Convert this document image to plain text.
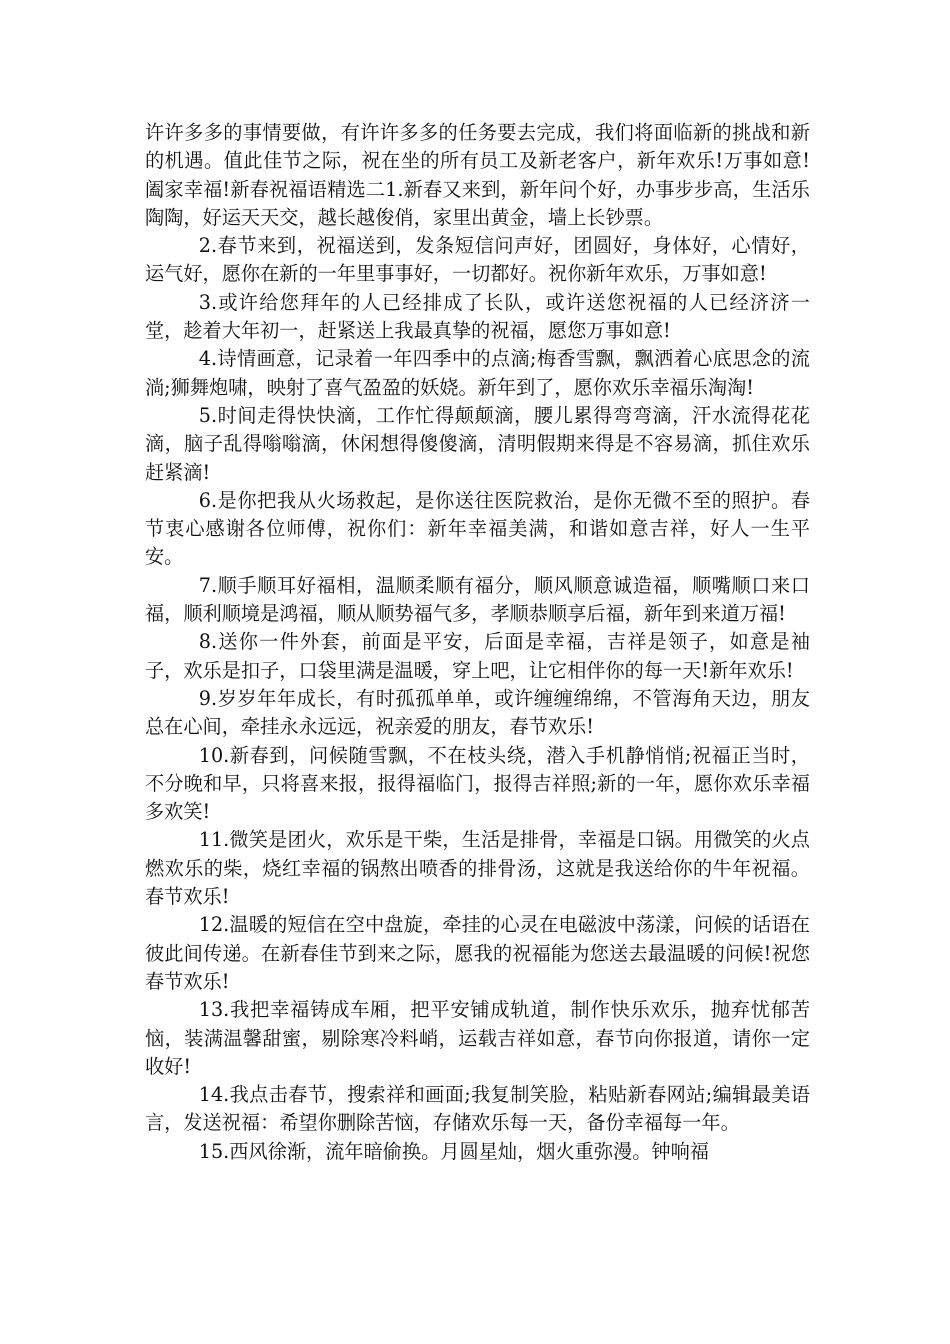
许许多多的事情要做，有许许多多的任务要去完成，我们将面临新的挑战和新的机遇。值此佳节之际，祝在坐的所有员工及新老客户，新年欢乐!万事如意!阖家幸福!新春祝福语精选二1.新春又来到，新年问个好，办事步步高，生活乐陶陶，好运天天交，越长越俊俏，家里出黄金，墙上长钞票。

2.春节来到，祝福送到，发条短信问声好，团圆好，身体好，心情好，运气好，愿你在新的一年里事事好，一切都好。祝你新年欢乐，万事如意!

3.或许给您拜年的人已经排成了长队，或许送您祝福的人已经济济一堂，趁着大年初一，赶紧送上我最真挚的祝福，愿您万事如意!

4.诗情画意，记录着一年四季中的点滴;梅香雪飘，飘洒着心底思念的流淌;狮舞炮啸，映射了喜气盈盈的妖娆。新年到了，愿你欢乐幸福乐淘淘!

5.时间走得快快滴，工作忙得颠颠滴，腰儿累得弯弯滴，汗水流得花花滴，脑子乱得嗡嗡滴，休闲想得傻傻滴，清明假期来得是不容易滴，抓住欢乐赶紧滴!

6.是你把我从火场救起，是你送往医院救治，是你无微不至的照护。春节衷心感谢各位师傅，祝你们：新年幸福美满，和谐如意吉祥，好人一生平安。

7.顺手顺耳好福相，温顺柔顺有福分，顺风顺意诚造福，顺嘴顺口来口福，顺利顺境是鸿福，顺从顺势福气多，孝顺恭顺享后福，新年到来道万福!

8.送你一件外套，前面是平安，后面是幸福，吉祥是领子，如意是袖子，欢乐是扣子，口袋里满是温暖，穿上吧，让它相伴你的每一天!新年欢乐!

9.岁岁年年成长，有时孤孤单单，或许缠缠绵绵，不管海角天边，朋友总在心间，牵挂永永远远，祝亲爱的朋友，春节欢乐!

10.新春到，问候随雪飘，不在枝头绕，潜入手机静悄悄;祝福正当时，不分晚和早，只将喜来报，报得福临门，报得吉祥照;新的一年，愿你欢乐幸福多欢笑!

11.微笑是团火，欢乐是干柴，生活是排骨，幸福是口锅。用微笑的火点燃欢乐的柴，烧红幸福的锅熬出喷香的排骨汤，这就是我送给你的牛年祝福。春节欢乐!

12.温暖的短信在空中盘旋，牵挂的心灵在电磁波中荡漾，问候的话语在彼此间传递。在新春佳节到来之际，愿我的祝福能为您送去最温暖的问候!祝您春节欢乐!

13.我把幸福铸成车厢，把平安铺成轨道，制作快乐欢乐，抛弃忧郁苦恼，装满温馨甜蜜，剔除寒冷料峭，运载吉祥如意，春节向你报道，请你一定收好!

14.我点击春节，搜索祥和画面;我复制笑脸，粘贴新春网站;编辑最美语言，发送祝福：希望你删除苦恼，存储欢乐每一天，备份幸福每一年。

15.西风徐渐，流年暗偷换。月圆星灿，烟火重弥漫。钟响福
